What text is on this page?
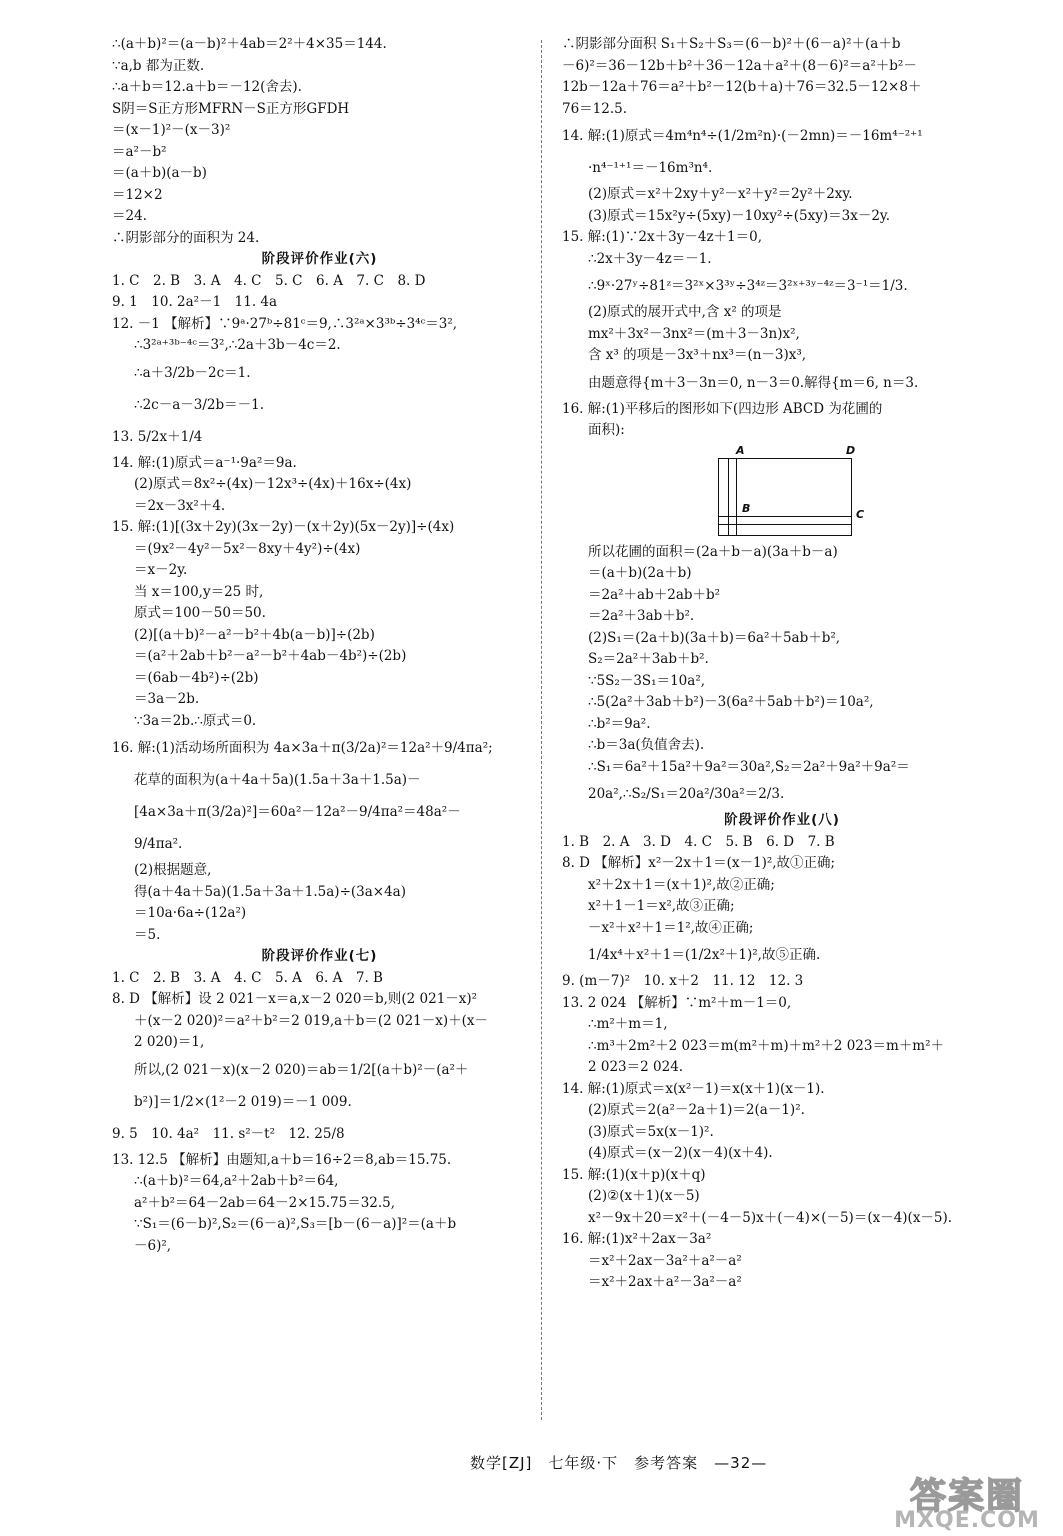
∴(a＋b)²＝(a－b)²＋4ab＝2²＋4×35＝144.
∵a,b 都为正数.
∴a＋b＝12.a＋b＝－12(舍去).
S阴＝S正方形MFRN－S正方形GFDH
＝(x－1)²－(x－3)²
＝a²－b²
＝(a＋b)(a－b)
＝12×2
＝24.
∴阴影部分的面积为 24.
阶段评价作业(六)
1. C　2. B　3. A　4. C　5. C　6. A　7. C　8. D
9. 1　10. 2a²－1　11. 4a
12. －1 【解析】∵9ᵃ·27ᵇ÷81ᶜ＝9,∴3²ᵃ×3³ᵇ÷3⁴ᶜ＝3²,
∴3²ᵃ⁺³ᵇ⁻⁴ᶜ＝3²,∴2a＋3b－4c＝2.
∴a＋3/2b－2c＝1.
∴2c－a－3/2b＝－1.
13. 5/2x＋1/4
14. 解:(1)原式＝a⁻¹·9a²＝9a.
(2)原式＝8x²÷(4x)－12x³÷(4x)＋16x÷(4x)
＝2x－3x²＋4.
15. 解:(1)[(3x＋2y)(3x－2y)－(x＋2y)(5x－2y)]÷(4x)
＝(9x²－4y²－5x²－8xy＋4y²)÷(4x)
＝x－2y.
当 x＝100,y＝25 时,
原式＝100－50＝50.
(2)[(a＋b)²－a²－b²＋4b(a－b)]÷(2b)
＝(a²＋2ab＋b²－a²－b²＋4ab－4b²)÷(2b)
＝(6ab－4b²)÷(2b)
＝3a－2b.
∵3a＝2b.∴原式＝0.
16. 解:(1)活动场所面积为 4a×3a＋π(3/2a)²＝12a²＋9/4πa²;
花草的面积为(a＋4a＋5a)(1.5a＋3a＋1.5a)－
[4a×3a＋π(3/2a)²]＝60a²－12a²－9/4πa²＝48a²－
9/4πa².
(2)根据题意,
得(a＋4a＋5a)(1.5a＋3a＋1.5a)÷(3a×4a)
＝10a·6a÷(12a²)
＝5.
阶段评价作业(七)
1. C　2. B　3. A　4. C　5. A　6. A　7. B
8. D 【解析】设 2 021－x＝a,x－2 020＝b,则(2 021－x)²
＋(x－2 020)²＝a²＋b²＝2 019,a＋b＝(2 021－x)＋(x－
2 020)＝1,
所以,(2 021－x)(x－2 020)＝ab＝1/2[(a＋b)²－(a²＋
b²)]＝1/2×(1²－2 019)＝－1 009.
9. 5　10. 4a²　11. s²－t²　12. 25/8
13. 12.5 【解析】由题知,a＋b＝16÷2＝8,ab＝15.75.
∴(a＋b)²＝64,a²＋2ab＋b²＝64,
a²＋b²＝64－2ab＝64－2×15.75＝32.5,
∵S₁＝(6－b)²,S₂＝(6－a)²,S₃＝[b－(6－a)]²＝(a＋b
－6)²,
∴阴影部分面积 S₁＋S₂＋S₃＝(6－b)²＋(6－a)²＋(a＋b
－6)²＝36－12b＋b²＋36－12a＋a²＋(8－6)²＝a²＋b²－
12b－12a＋76＝a²＋b²－12(b＋a)＋76＝32.5－12×8＋
76＝12.5.
14. 解:(1)原式＝4m⁴n⁴÷(1/2m²n)·(－2mn)＝－16m⁴⁻²⁺¹
·n⁴⁻¹⁺¹＝－16m³n⁴.
(2)原式＝x²＋2xy＋y²－x²＋y²＝2y²＋2xy.
(3)原式＝15x²y÷(5xy)－10xy²÷(5xy)＝3x－2y.
15. 解:(1)∵2x＋3y－4z＋1＝0,
∴2x＋3y－4z＝－1.
∴9ˣ·27ʸ÷81ᶻ＝3²ˣ×3³ʸ÷3⁴ᶻ＝3²ˣ⁺³ʸ⁻⁴ᶻ＝3⁻¹＝1/3.
(2)原式的展开式中,含 x² 的项是
mx²＋3x²－3nx²＝(m＋3－3n)x²,
含 x³ 的项是－3x³＋nx³＝(n－3)x³,
由题意得{m＋3－3n＝0, n－3＝0.解得{m＝6, n＝3.
16. 解:(1)平移后的图形如下(四边形 ABCD 为花圃的
面积):
A	D
B	C
所以花圃的面积＝(2a＋b－a)(3a＋b－a)
＝(a＋b)(2a＋b)
＝2a²＋ab＋2ab＋b²
＝2a²＋3ab＋b².
(2)S₁＝(2a＋b)(3a＋b)＝6a²＋5ab＋b²,
S₂＝2a²＋3ab＋b².
∵5S₂－3S₁＝10a²,
∴5(2a²＋3ab＋b²)－3(6a²＋5ab＋b²)＝10a²,
∴b²＝9a².
∴b＝3a(负值舍去).
∴S₁＝6a²＋15a²＋9a²＝30a²,S₂＝2a²＋9a²＋9a²＝
20a²,∴S₂/S₁＝20a²/30a²＝2/3.
阶段评价作业(八)
1. B　2. A　3. D　4. C　5. B　6. D　7. B
8. D 【解析】x²－2x＋1＝(x－1)²,故①正确;
x²＋2x＋1＝(x＋1)²,故②正确;
x²＋1－1＝x²,故③正确;
－x²＋x²＋1＝1²,故④正确;
1/4x⁴＋x²＋1＝(1/2x²＋1)²,故⑤正确.
9. (m－7)²　10. x＋2　11. 12　12. 3
13. 2 024 【解析】∵m²＋m－1＝0,
∴m²＋m＝1,
∴m³＋2m²＋2 023＝m(m²＋m)＋m²＋2 023＝m＋m²＋
2 023＝2 024.
14. 解:(1)原式＝x(x²－1)＝x(x＋1)(x－1).
(2)原式＝2(a²－2a＋1)＝2(a－1)².
(3)原式＝5x(x－1)².
(4)原式＝(x－2)(x－4)(x＋4).
15. 解:(1)(x＋p)(x＋q)
(2)②(x＋1)(x－5)
x²－9x＋20＝x²＋(－4－5)x＋(－4)×(－5)＝(x－4)(x－5).
16. 解:(1)x²＋2ax－3a²
＝x²＋2ax－3a²＋a²－a²
＝x²＋2ax＋a²－3a²－a²
数学[ZJ]　七年级·下　参考答案　—32—
答案圈
MXQE.COM
